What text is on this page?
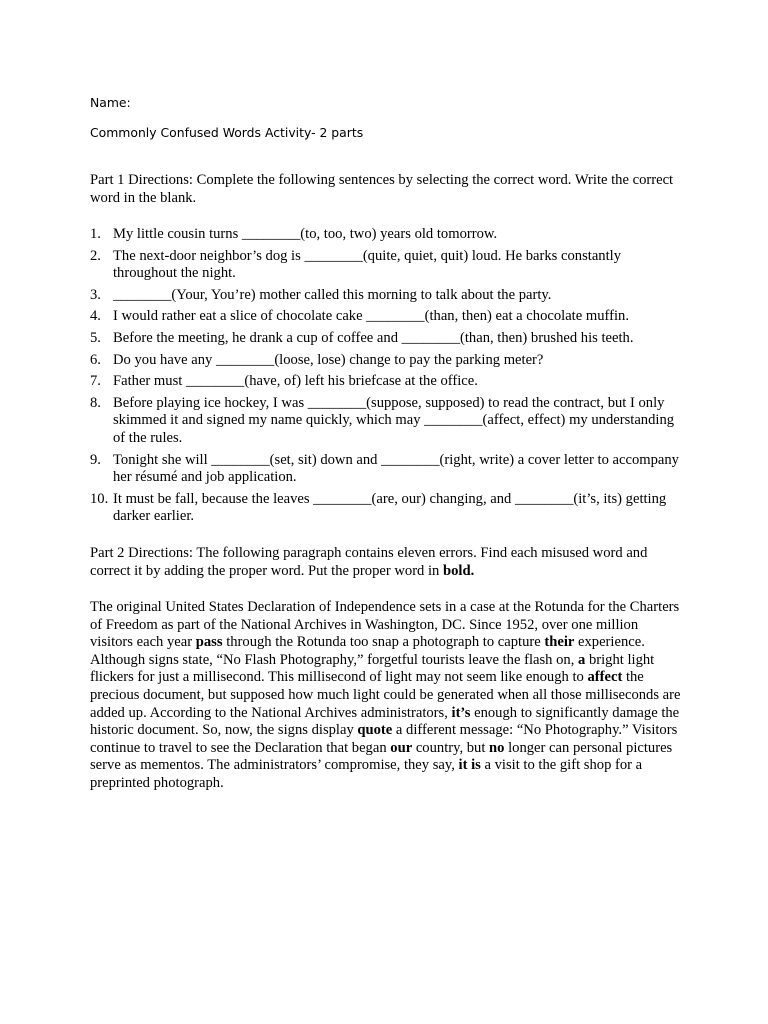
Name:
Commonly Confused Words Activity- 2 parts
Part 1 Directions: Complete the following sentences by selecting the correct word. Write the correct word in the blank.
1. My little cousin turns ________(to, too, two) years old tomorrow.
2. The next-door neighbor’s dog is ________(quite, quiet, quit) loud. He barks constantly throughout the night.
3. ________(Your, You’re) mother called this morning to talk about the party.
4. I would rather eat a slice of chocolate cake ________(than, then) eat a chocolate muffin.
5. Before the meeting, he drank a cup of coffee and ________(than, then) brushed his teeth.
6. Do you have any ________(loose, lose) change to pay the parking meter?
7. Father must ________(have, of) left his briefcase at the office.
8. Before playing ice hockey, I was ________(suppose, supposed) to read the contract, but I only skimmed it and signed my name quickly, which may ________(affect, effect) my understanding of the rules.
9. Tonight she will ________(set, sit) down and ________(right, write) a cover letter to accompany her résumé and job application.
10. It must be fall, because the leaves ________(are, our) changing, and ________(it’s, its) getting darker earlier.
Part 2 Directions: The following paragraph contains eleven errors. Find each misused word and correct it by adding the proper word. Put the proper word in bold.

The original United States Declaration of Independence sets in a case at the Rotunda for the Charters of Freedom as part of the National Archives in Washington, DC. Since 1952, over one million visitors each year pass through the Rotunda too snap a photograph to capture their experience. Although signs state, “No Flash Photography,” forgetful tourists leave the flash on, a bright light flickers for just a millisecond. This millisecond of light may not seem like enough to affect the precious document, but supposed how much light could be generated when all those milliseconds are added up. According to the National Archives administrators, it’s enough to significantly damage the historic document. So, now, the signs display quote a different message: “No Photography.” Visitors continue to travel to see the Declaration that began our country, but no longer can personal pictures serve as mementos. The administrators’ compromise, they say, it is a visit to the gift shop for a preprinted photograph.
